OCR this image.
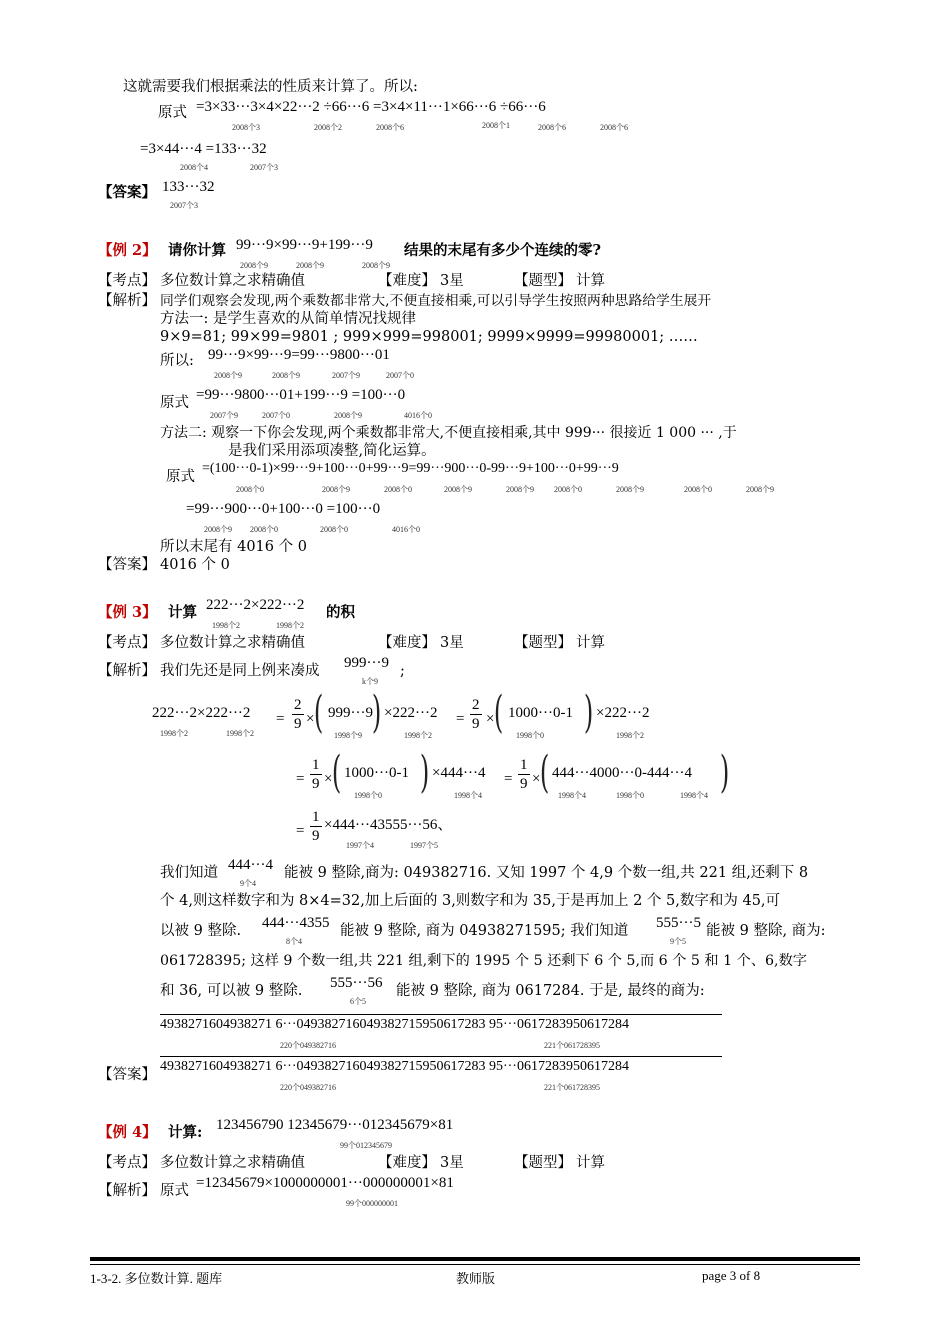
这就需要我们根据乘法的性质来计算了。所以:
原式 =3×33···3×4×22···2 ÷66···6 =3×4×11···1×66···6 ÷66···6
2008个3	2008个2	2008个6	2008个1	2008个6	2008个6
=3×44···4 =133···32
2008个4	2007个3
【答案】 133···32
2007个3
【例 2】 请你计算 99···9×99···9+199···9
2008个9	2008个9	2008个9
结果的末尾有多少个连续的零?
【考点】 多位数计算之求精确值	【难度】 3星	【题型】 计算
【解析】 同学们观察会发现,两个乘数都非常大,不便直接相乘,可以引导学生按照两种思路给学生展开
方法一: 是学生喜欢的从简单情况找规律
9×9=81; 99×99=9801 ; 999×999=998001; 9999×9999=99980001; ……
所以: 99···9×99···9=99···9800···01
2008个9	2008个9	2007个9	2007个0
原式 =99···9800···01+199···9 =100···0
2007个9	2007个0	2008个9	4016个0
方法二: 观察一下你会发现,两个乘数都非常大,不便直接相乘,其中 999··· 很接近 1 000 ··· ,于
是我们采用添项凑整,简化运算。
原式
=(100···0-1)×99···9+100···0+99···9=99···900···0-99···9+100···0+99···9
2008个0	2008个9	2008个0	2008个9	2008个9	2008个0	2008个9	2008个0	2008个9
=99···900···0+100···0 =100···0
2008个9 2008个0	2008个0	4016个0
所以末尾有 4016 个 0
【答案】 4016 个 0
【例 3】 计算 222···2×222···2
1998个2	1998个2
的积
【考点】 多位数计算之求精确值	【难度】 3星	【题型】 计算
【解析】 我们先还是同上例来凑成 999···9
k个9
;
222···2×222···2
1998个2	1998个2
= $\frac{2}{9}$ × ( 999···9
1998个9 ) ×222···2
1998个2
= $\frac{2}{9}$ × ( 1000···0-1
1998个0 ) ×222···2
1998个2
= $\frac{1}{9}$ × ( 1000···0-1
1998个0 ) ×444···4
1998个4
= $\frac{1}{9}$ × ( 444···4000···0-444···4
1998个4	1998个0	1998个4 )
= $\frac{1}{9} \times 444\cdot\cdot\cdot 43555\cdot\cdot\cdot 56$、
1997个4	1997个5
我们知道 444···4
9个4
能被 9 整除,商为: 049382716. 又知 1997 个 4,9 个数一组,共 221 组,还剩下 8
个 4,则这样数字和为 8×4=32,加上后面的 3,则数字和为 35,于是再加上 2 个 5,数字和为 45,可
以被 9 整除. 444···4355
8个4
能被 9 整除, 商为 04938271595; 我们知道 555···5
9个5
能被 9 整除, 商为:
061728395; 这样 9 个数一组,共 221 组,剩下的 1995 个 5 还剩下 6 个 5,而 6 个 5 和 1 个、6,数字
和 36, 可以被 9 整除. 555···56
6个5
能被 9 整除, 商为 0617284. 于是, 最终的商为:
4938271604938271 6···049382716049382715950617283 95···0617283950617284
220个049382716	221个061728395
【答案】
4938271604938271 6···049382716049382715950617283 95···0617283950617284
220个049382716	221个061728395
【例 4】 计算: 123456790 12345679···012345679×81
99个012345679
【考点】 多位数计算之求精确值	【难度】 3星	【题型】 计算
【解析】 原式 =12345679×1000000001···000000001×81
99个000000001
1-3-2. 多位数计算. 题库	教师版	page 3 of 8
